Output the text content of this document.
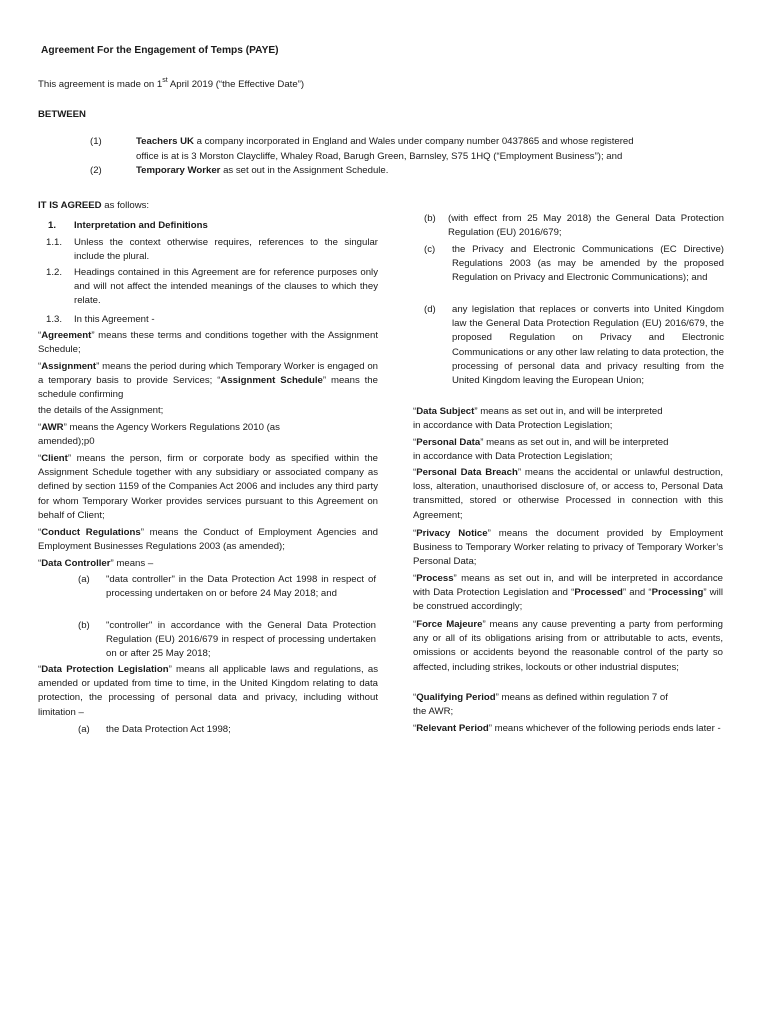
Agreement For the Engagement of Temps (PAYE)
This agreement is made on 1st April 2019 (“the Effective Date”)
BETWEEN
(1)	Teachers UK a company incorporated in England and Wales under company number 0437865 and whose registered
office is at is 3 Morston Claycliffe, Whaley Road, Barugh Green, Barnsley, S75 1HQ (“Employment Business”); and
(2)	Temporary Worker as set out in the Assignment Schedule.
IT IS AGREED as follows:
1. Interpretation and Definitions
1.1. Unless the context otherwise requires, references to the singular include the plural.

1.2. Headings contained in this Agreement are for reference purposes only and will not affect the intended meanings of the clauses to which they relate.

1.3. In this Agreement -

“Agreement” means these terms and conditions together with the Assignment Schedule;

“Assignment” means the period during which Temporary Worker is engaged on a temporary basis to provide Services; “Assignment Schedule” means the schedule confirming

the details of the Assignment;

“AWR” means the Agency Workers Regulations 2010 (as

amended);p0

“Client” means the person, firm or corporate body as specified within the Assignment Schedule together with any subsidiary or associated company as defined by section 1159 of the Companies Act 2006 and includes any third party for whom Temporary Worker provides services pursuant to this Agreement on behalf of Client;

“Conduct Regulations” means the Conduct of Employment Agencies and Employment Businesses Regulations 2003 (as amended);

“Data Controller” means –

(a) "data controller" in the Data Protection Act 1998 in respect of processing undertaken on or before 24 May 2018; and

(b) "controller" in accordance with the General Data Protection Regulation (EU) 2016/679 in respect of processing undertaken on or after 25 May 2018;

“Data Protection Legislation” means all applicable laws and regulations, as amended or updated from time to time, in the United Kingdom relating to data protection, the processing of personal data and privacy, including without limitation –

(a) the Data Protection Act 1998;

(b) (with effect from 25 May 2018) the General Data Protection Regulation (EU) 2016/679;

(c) the Privacy and Electronic Communications (EC Directive) Regulations 2003 (as may be amended by the proposed Regulation on Privacy and Electronic Communications); and

(d) any legislation that replaces or converts into United Kingdom law the General Data Protection Regulation (EU) 2016/679, the proposed Regulation on Privacy and Electronic Communications or any other law relating to data protection, the processing of personal data and privacy resulting from the United Kingdom leaving the European Union;

“Data Subject” means as set out in, and will be interpreted

in accordance with Data Protection Legislation;

“Personal Data” means as set out in, and will be interpreted

in accordance with Data Protection Legislation;

“Personal Data Breach” means the accidental or unlawful destruction, loss, alteration, unauthorised disclosure of, or access to, Personal Data transmitted, stored or otherwise Processed in connection with this Agreement;

“Privacy Notice” means the document provided by Employment Business to Temporary Worker relating to privacy of Temporary Worker’s Personal Data;

“Process” means as set out in, and will be interpreted in accordance with Data Protection Legislation and “Processed” and “Processing” will be construed accordingly;

“Force Majeure” means any cause preventing a party from performing any or all of its obligations arising from or attributable to acts, events, omissions or accidents beyond the reasonable control of the party so affected, including strikes, lockouts or other industrial disputes;

“Qualifying Period” means as defined within regulation 7 of

the AWR;

“Relevant Period” means whichever of the following periods ends later -
